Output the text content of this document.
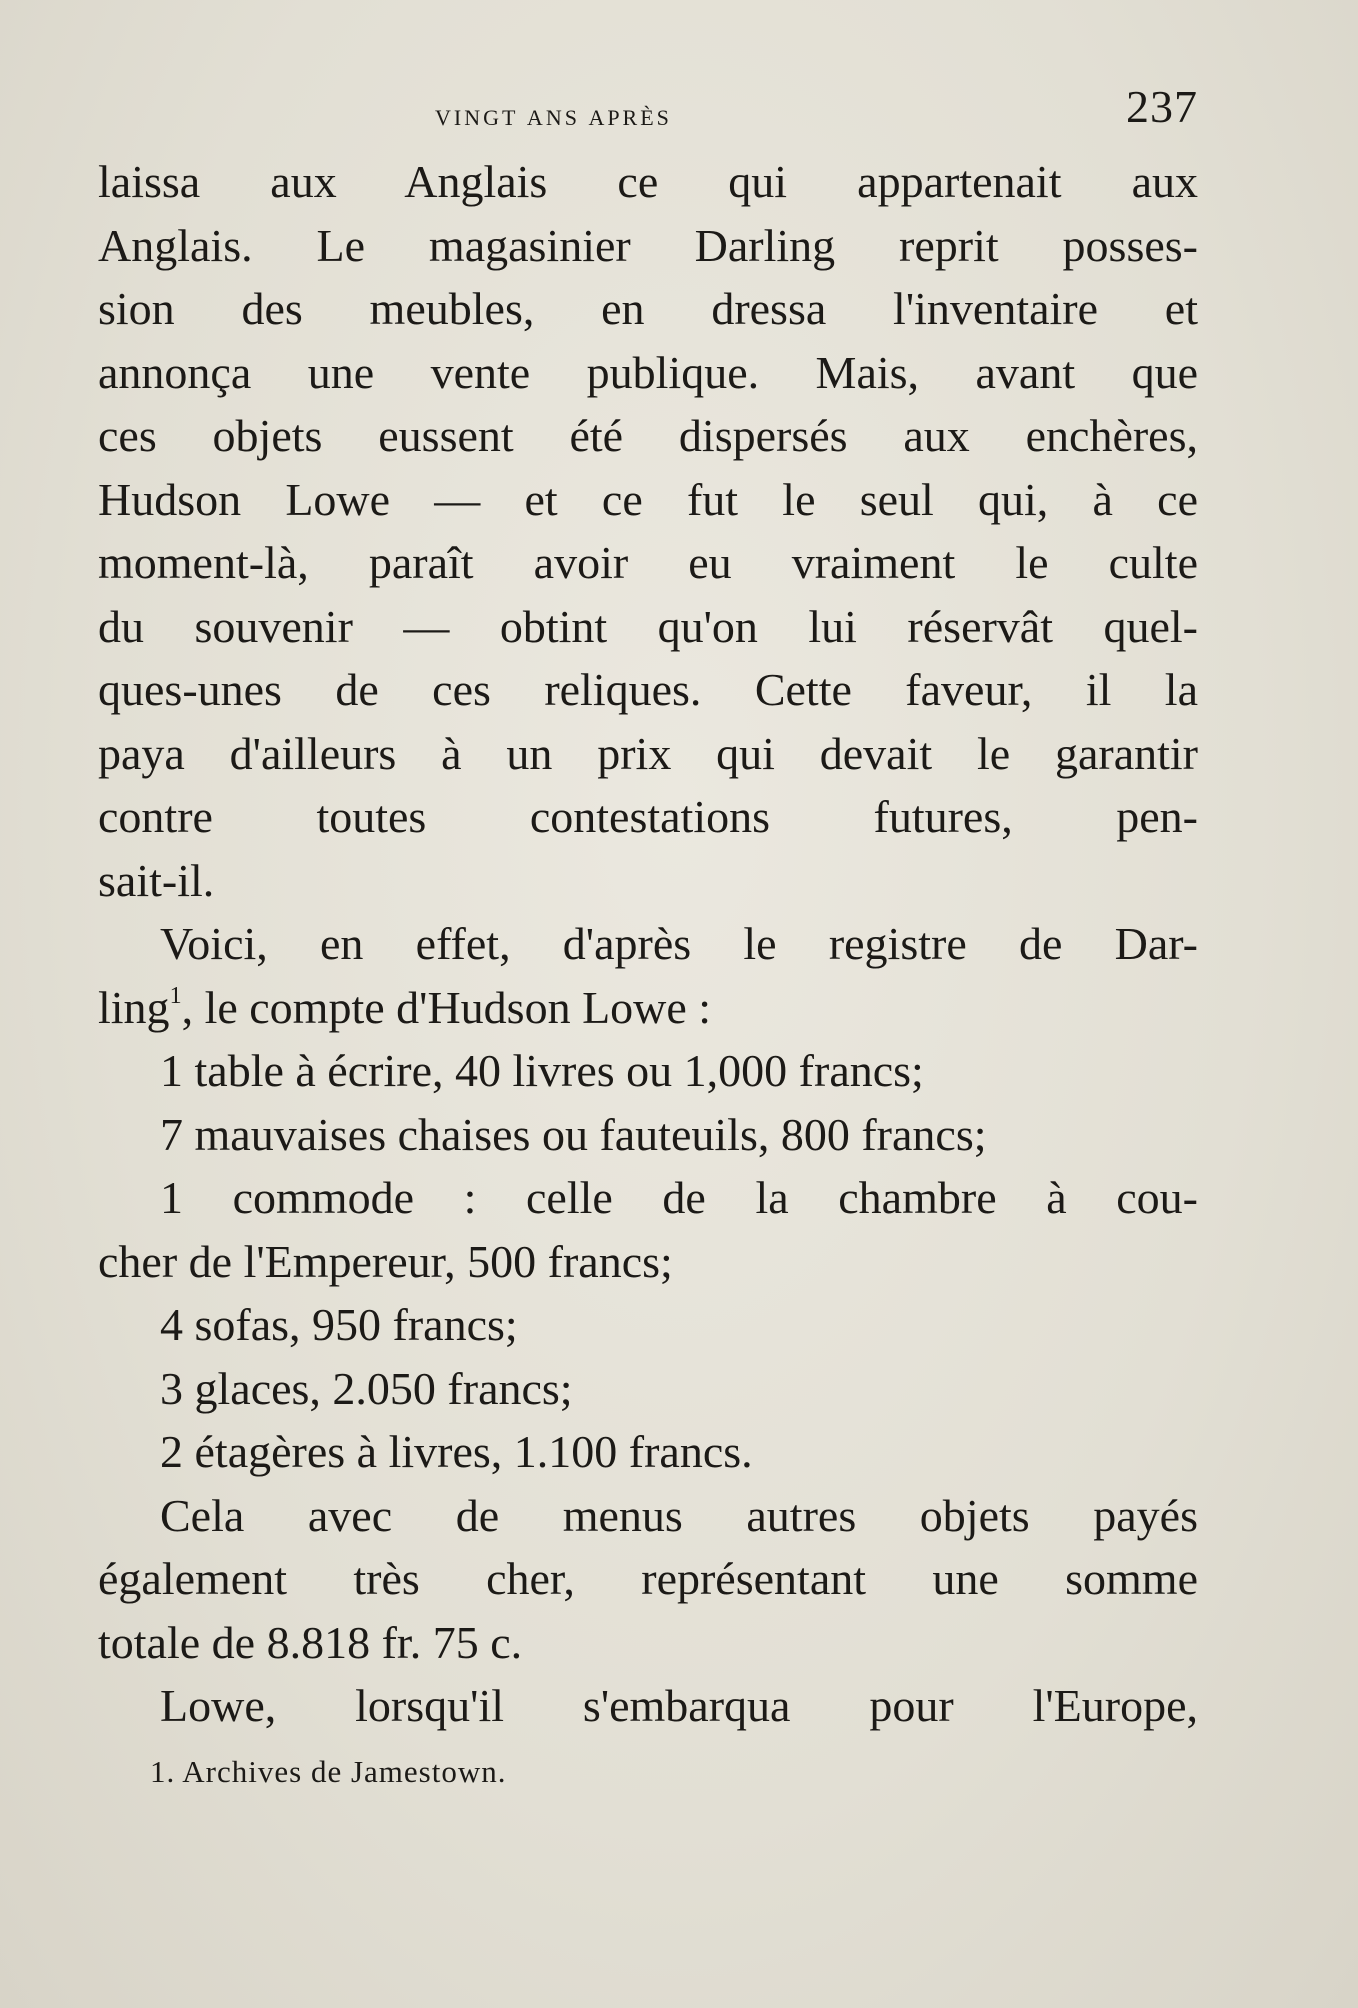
vingt ans après	237
laissa aux Anglais ce qui appartenait aux
Anglais. Le magasinier Darling reprit posses-
sion des meubles, en dressa l'inventaire et
annonça une vente publique. Mais, avant que
ces objets eussent été dispersés aux enchères,
Hudson Lowe — et ce fut le seul qui, à ce
moment-là, paraît avoir eu vraiment le culte
du souvenir — obtint qu'on lui réservât quel-
ques-unes de ces reliques. Cette faveur, il la
paya d'ailleurs à un prix qui devait le garantir
contre toutes contestations futures, pen-
sait-il.
Voici, en effet, d'après le registre de Dar-
ling$^1$, le compte d'Hudson Lowe :
1 table à écrire, 40 livres ou 1,000 francs;
7 mauvaises chaises ou fauteuils, 800 francs;
1 commode : celle de la chambre à cou-
cher de l'Empereur, 500 francs;
4 sofas, 950 francs;
3 glaces, 2.050 francs;
2 étagères à livres, 1.100 francs.
Cela avec de menus autres objets payés
également très cher, représentant une somme
totale de 8.818 fr. 75 c.
Lowe, lorsqu'il s'embarqua pour l'Europe,
1. Archives de Jamestown.
